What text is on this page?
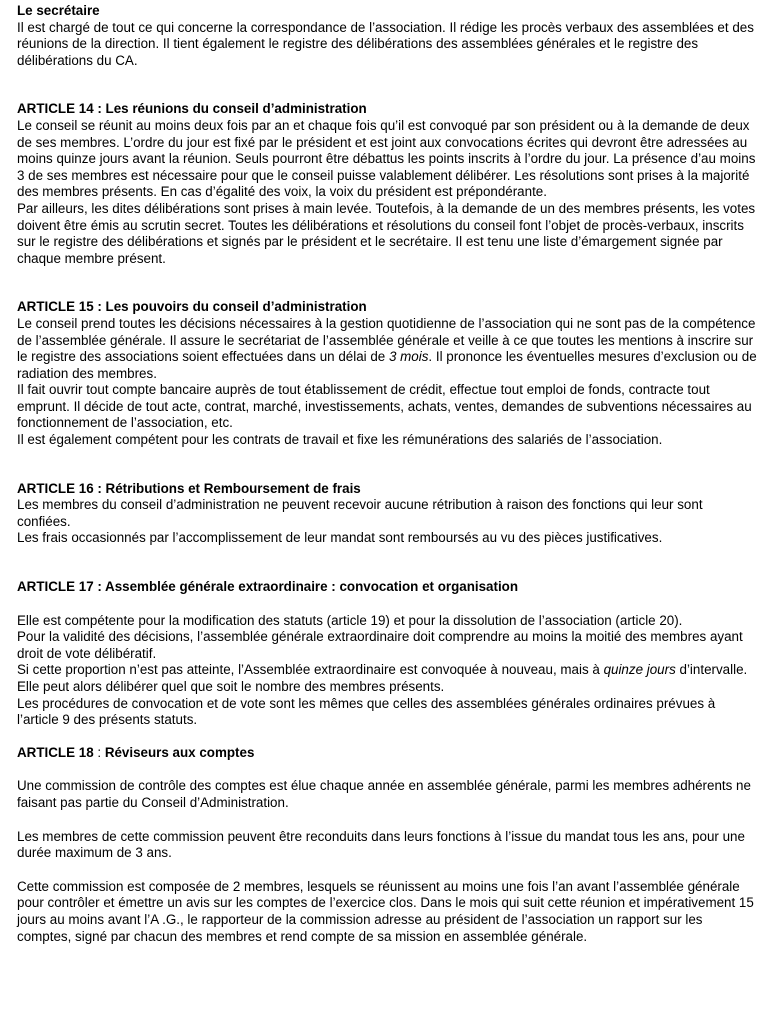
Le secrétaire

Il est chargé de tout ce qui concerne la correspondance de l’association. Il rédige les procès verbaux des assemblées et des réunions de la direction. Il tient également le registre des délibérations des assemblées générales et le registre des délibérations du CA.

ARTICLE 14 : Les réunions du conseil d’administration

Le conseil se réunit au moins deux fois par an et chaque fois qu’il est convoqué par son président ou à la demande de deux de ses membres. L’ordre du jour est fixé par le président et est joint aux convocations écrites qui devront être adressées au moins quinze jours avant la réunion. Seuls pourront être débattus les points inscrits à l’ordre du jour. La présence d’au moins 3 de ses membres est nécessaire pour que le conseil puisse valablement délibérer. Les résolutions sont prises à la majorité des membres présents. En cas d’égalité des voix, la voix du président est prépondérante.

Par ailleurs, les dites délibérations sont prises à main levée. Toutefois, à la demande de un des membres présents, les votes doivent être émis au scrutin secret. Toutes les délibérations et résolutions du conseil font l’objet de procès-verbaux, inscrits sur le registre des délibérations et signés par le président et le secrétaire. Il est tenu une liste d’émargement signée par chaque membre présent.

ARTICLE 15 : Les pouvoirs du conseil d’administration

Le conseil prend toutes les décisions nécessaires à la gestion quotidienne de l’association qui ne sont pas de la compétence de l’assemblée générale. Il assure le secrétariat de l’assemblée générale et veille à ce que toutes les mentions à inscrire sur le registre des associations soient effectuées dans un délai de 3 mois. Il prononce les éventuelles mesures d’exclusion ou de radiation des membres.

Il fait ouvrir tout compte bancaire auprès de tout établissement de crédit, effectue tout emploi de fonds, contracte tout emprunt. Il décide de tout acte, contrat, marché, investissements, achats, ventes, demandes de subventions nécessaires au fonctionnement de l’association, etc.

Il est également compétent pour les contrats de travail et fixe les rémunérations des salariés de l’association.

ARTICLE 16 : Rétributions et Remboursement de frais

Les membres du conseil d’administration ne peuvent recevoir aucune rétribution à raison des fonctions qui leur sont confiées.

Les frais occasionnés par l’accomplissement de leur mandat sont remboursés au vu des pièces justificatives.

ARTICLE 17 : Assemblée générale extraordinaire : convocation et organisation

Elle est compétente pour la modification des statuts (article 19) et pour la dissolution de l’association (article 20).

Pour la validité des décisions, l’assemblée générale extraordinaire doit comprendre au moins la moitié des membres ayant droit de vote délibératif.

Si cette proportion n’est pas atteinte, l’Assemblée extraordinaire est convoquée à nouveau, mais à quinze jours d’intervalle. Elle peut alors délibérer quel que soit le nombre des membres présents.

Les procédures de convocation et de vote sont les mêmes que celles des assemblées générales ordinaires prévues à l’article 9 des présents statuts.

ARTICLE 18 : Réviseurs aux comptes

Une commission de contrôle des comptes est élue chaque année en assemblée générale, parmi les membres adhérents ne faisant pas partie du Conseil d’Administration.

Les membres de cette commission peuvent être reconduits dans leurs fonctions à l’issue du mandat tous les ans, pour une durée maximum de 3 ans.

Cette commission est composée de 2 membres, lesquels se réunissent au moins une fois l’an avant l’assemblée générale pour contrôler et émettre un avis sur les comptes de l’exercice clos. Dans le mois qui suit cette réunion et impérativement 15 jours au moins avant l’A .G., le rapporteur de la commission adresse au président de l’association un rapport sur les comptes, signé par chacun des membres et rend compte de sa mission en assemblée générale.
